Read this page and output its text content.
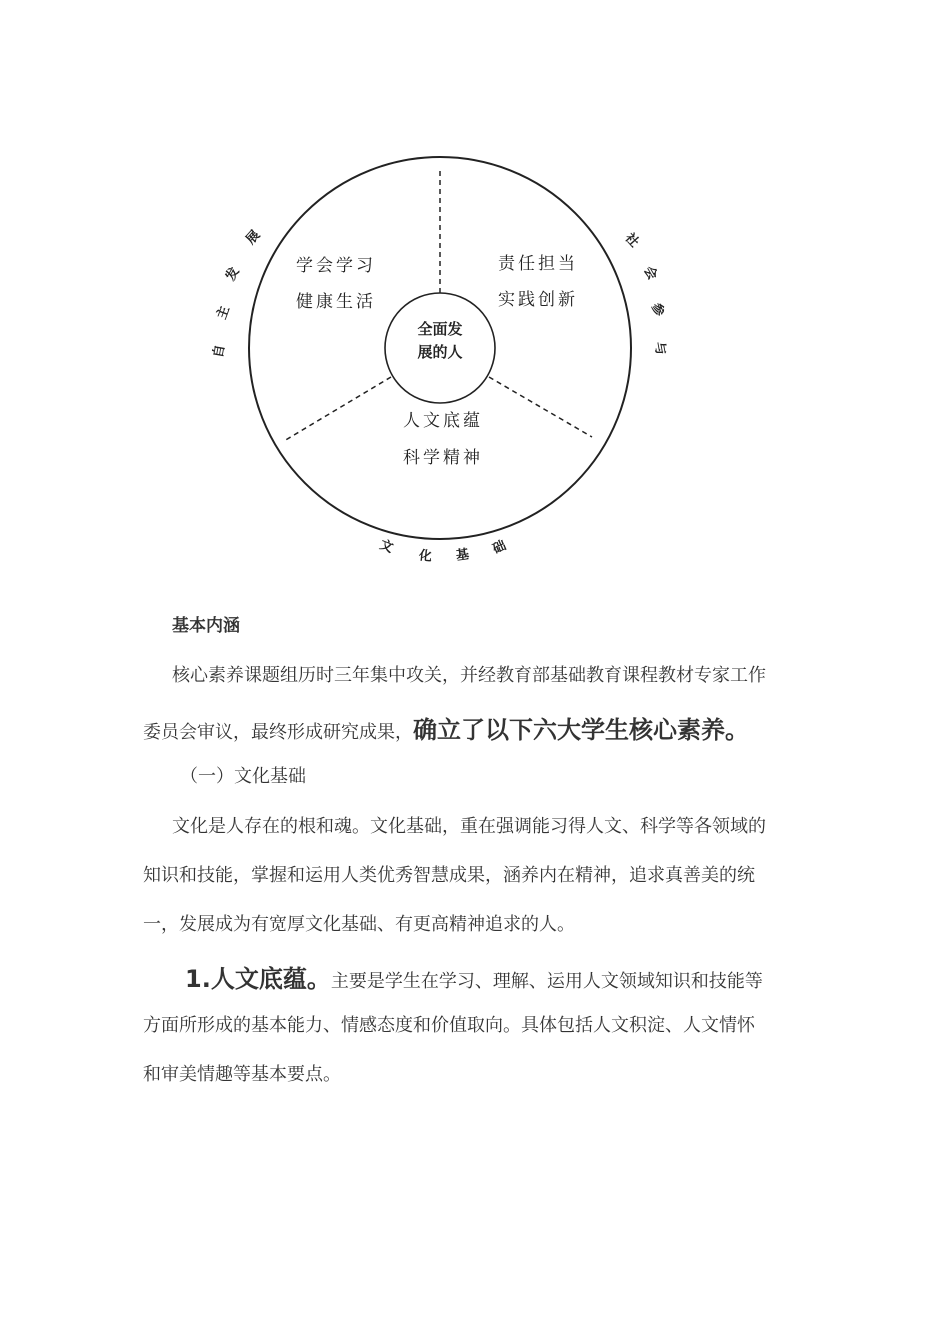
全面发
展的人
学会学习
健康生活
责任担当
实践创新
人文底蕴
科学精神
自
主
发
展	社
会
参
与
文
化 基 础
基本内涵
核心素养课题组历时三年集中攻关，并经教育部基础教育课程教材专家工作
委员会审议，最终形成研究成果，确立了以下六大学生核心素养。
（一）文化基础
文化是人存在的根和魂。文化基础，重在强调能习得人文、科学等各领域的
知识和技能，掌握和运用人类优秀智慧成果，涵养内在精神，追求真善美的统
一，发展成为有宽厚文化基础、有更高精神追求的人。
1.人文底蕴。主要是学生在学习、理解、运用人文领域知识和技能等
方面所形成的基本能力、情感态度和价值取向。具体包括人文积淀、人文情怀
和审美情趣等基本要点。
